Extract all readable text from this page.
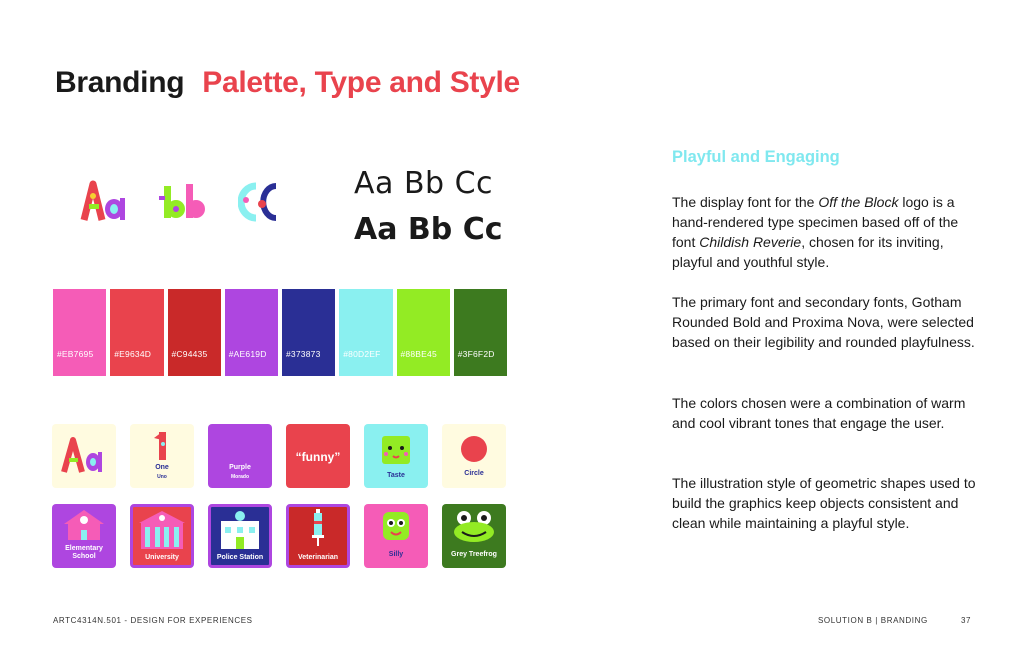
Branding Palette, Type and Style
Aa Bb Cc
Aa Bb Cc
#EB7695 #E9634D #C94435	#AE619D #373873	#80D2EF #88BE45 #3F6F2D
One
Uno
Purple
Morado
“funny”
Taste	Circle
Elementary
School	University	Police Station	Veterinarian	Silly	Grey Treefrog
Playful and Engaging
The display font for the Off the Block logo is a hand-rendered type specimen based off of the font Childish Reverie, chosen for its inviting, playful and youthful style.
The primary font and secondary fonts, Gotham Rounded Bold and Proxima Nova, were selected based on their legibility and rounded playfulness.
The colors chosen were a combination of warm and cool vibrant tones that engage the user.
The illustration style of geometric shapes used to build the graphics keep objects consistent and clean while maintaining a playful style.
ARTC4314N.501 - DESIGN FOR EXPERIENCES	SOLUTION B | BRANDING	37
